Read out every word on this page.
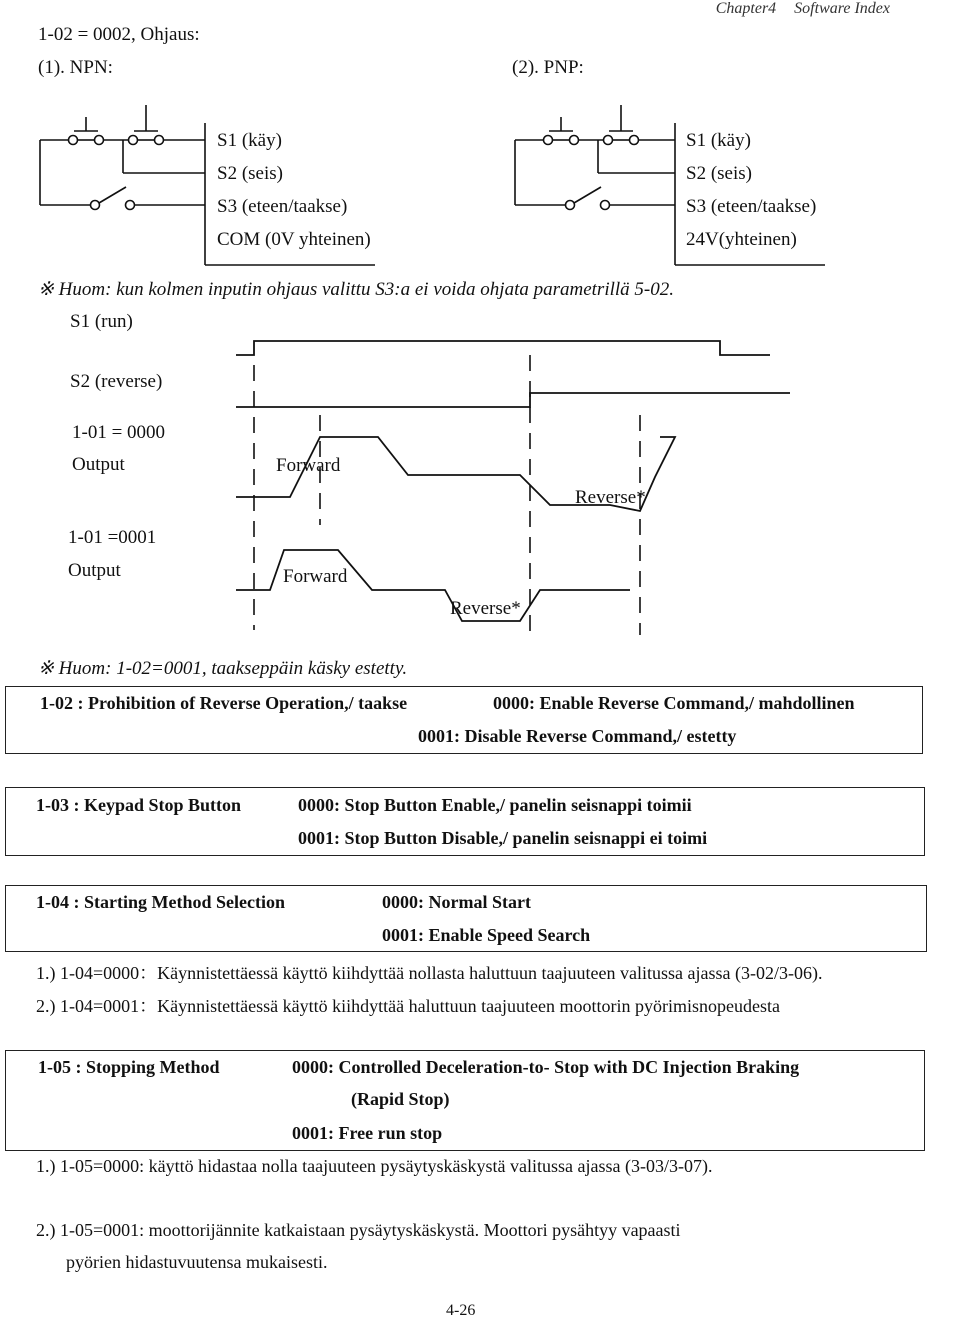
Chapter4 Software Index
1-02 = 0002, Ohjaus:
(1). NPN:	(2). PNP:
S1 (käy)
S2 (seis)
S3 (eteen/taakse)
COM (0V yhteinen)
S1 (käy)
S2 (seis)
S3 (eteen/taakse)
24V(yhteinen)
※ Huom: kun kolmen inputin ohjaus valittu S3:a ei voida ohjata parametrillä 5-02.
S1 (run)
S2 (reverse)
1-01 = 0000
Output
1-01 =0001
Output
Forward
Reverse*
Forward
Reverse*
※ Huom: 1-02=0001, taakseppäin käsky estetty.
1-02 : Prohibition of Reverse Operation,/ taakse	0000: Enable Reverse Command,/ mahdollinen
0001: Disable Reverse Command,/ estetty
1-03 : Keypad Stop Button	0000: Stop Button Enable,/ panelin seisnappi toimii
0001: Stop Button Disable,/ panelin seisnappi ei toimi
1-04 : Starting Method Selection	0000: Normal Start
0001: Enable Speed Search
1.) 1-04=0000：Käynnistettäessä käyttö kiihdyttää nollasta haluttuun taajuuteen valitussa ajassa (3-02/3-06).
2.) 1-04=0001：Käynnistettäessä käyttö kiihdyttää haluttuun taajuuteen moottorin pyörimisnopeudesta
1-05 : Stopping Method	0000: Controlled Deceleration-to- Stop with DC Injection Braking
(Rapid Stop)
0001: Free run stop
1.) 1-05=0000: käyttö hidastaa nolla taajuuteen pysäytyskäskystä valitussa ajassa (3-03/3-07).
2.) 1-05=0001: moottorijännite katkaistaan pysäytyskäskystä. Moottori pysähtyy vapaasti
pyörien hidastuvuutensa mukaisesti.
4-26
